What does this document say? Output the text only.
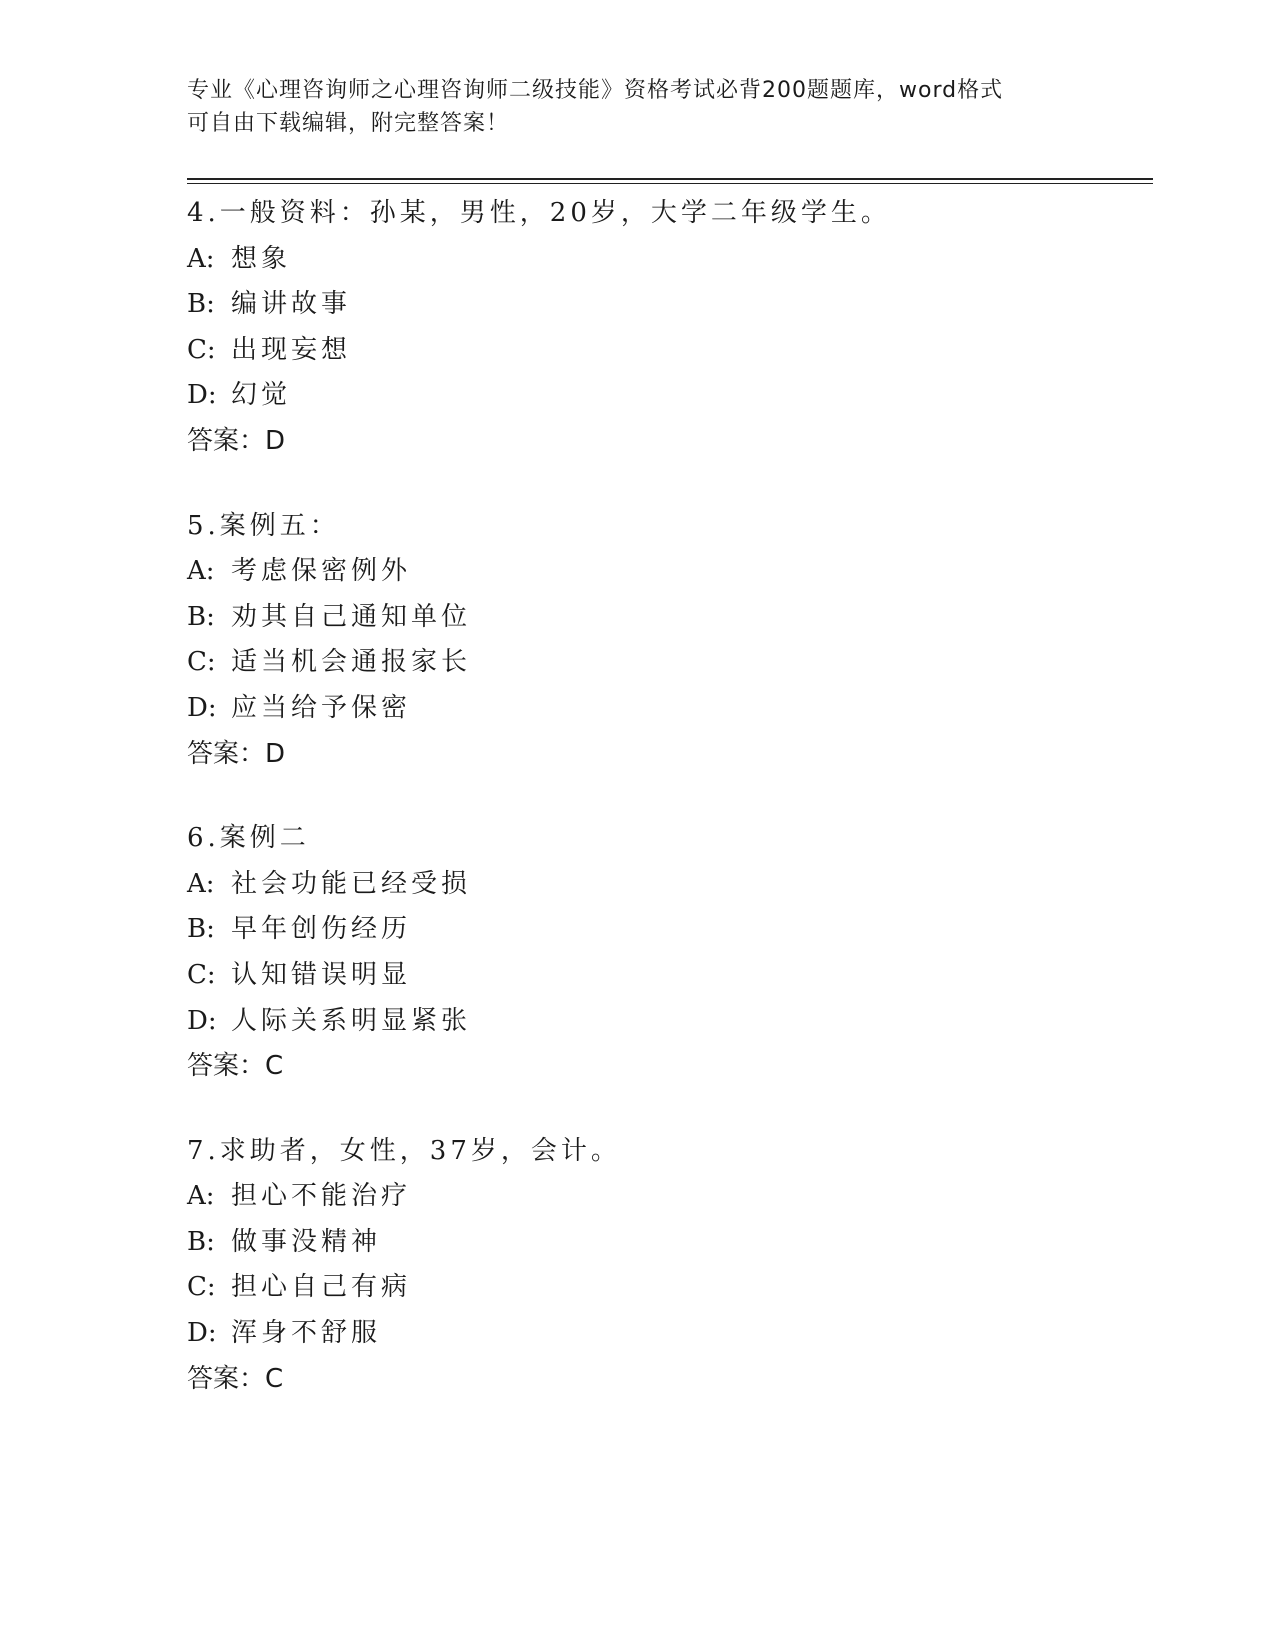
专业《心理咨询师之心理咨询师二级技能》资格考试必背200题题库，word格式
可自由下载编辑，附完整答案！
4.一般资料：孙某，男性，20岁，大学二年级学生。
A: 想象
B: 编讲故事
C: 出现妄想
D: 幻觉
答案：D
5.案例五：
A: 考虑保密例外
B: 劝其自己通知单位
C: 适当机会通报家长
D: 应当给予保密
答案：D
6.案例二
A: 社会功能已经受损
B: 早年创伤经历
C: 认知错误明显
D: 人际关系明显紧张
答案：C
7.求助者，女性，37岁，会计。
A: 担心不能治疗
B: 做事没精神
C: 担心自己有病
D: 浑身不舒服
答案：C
